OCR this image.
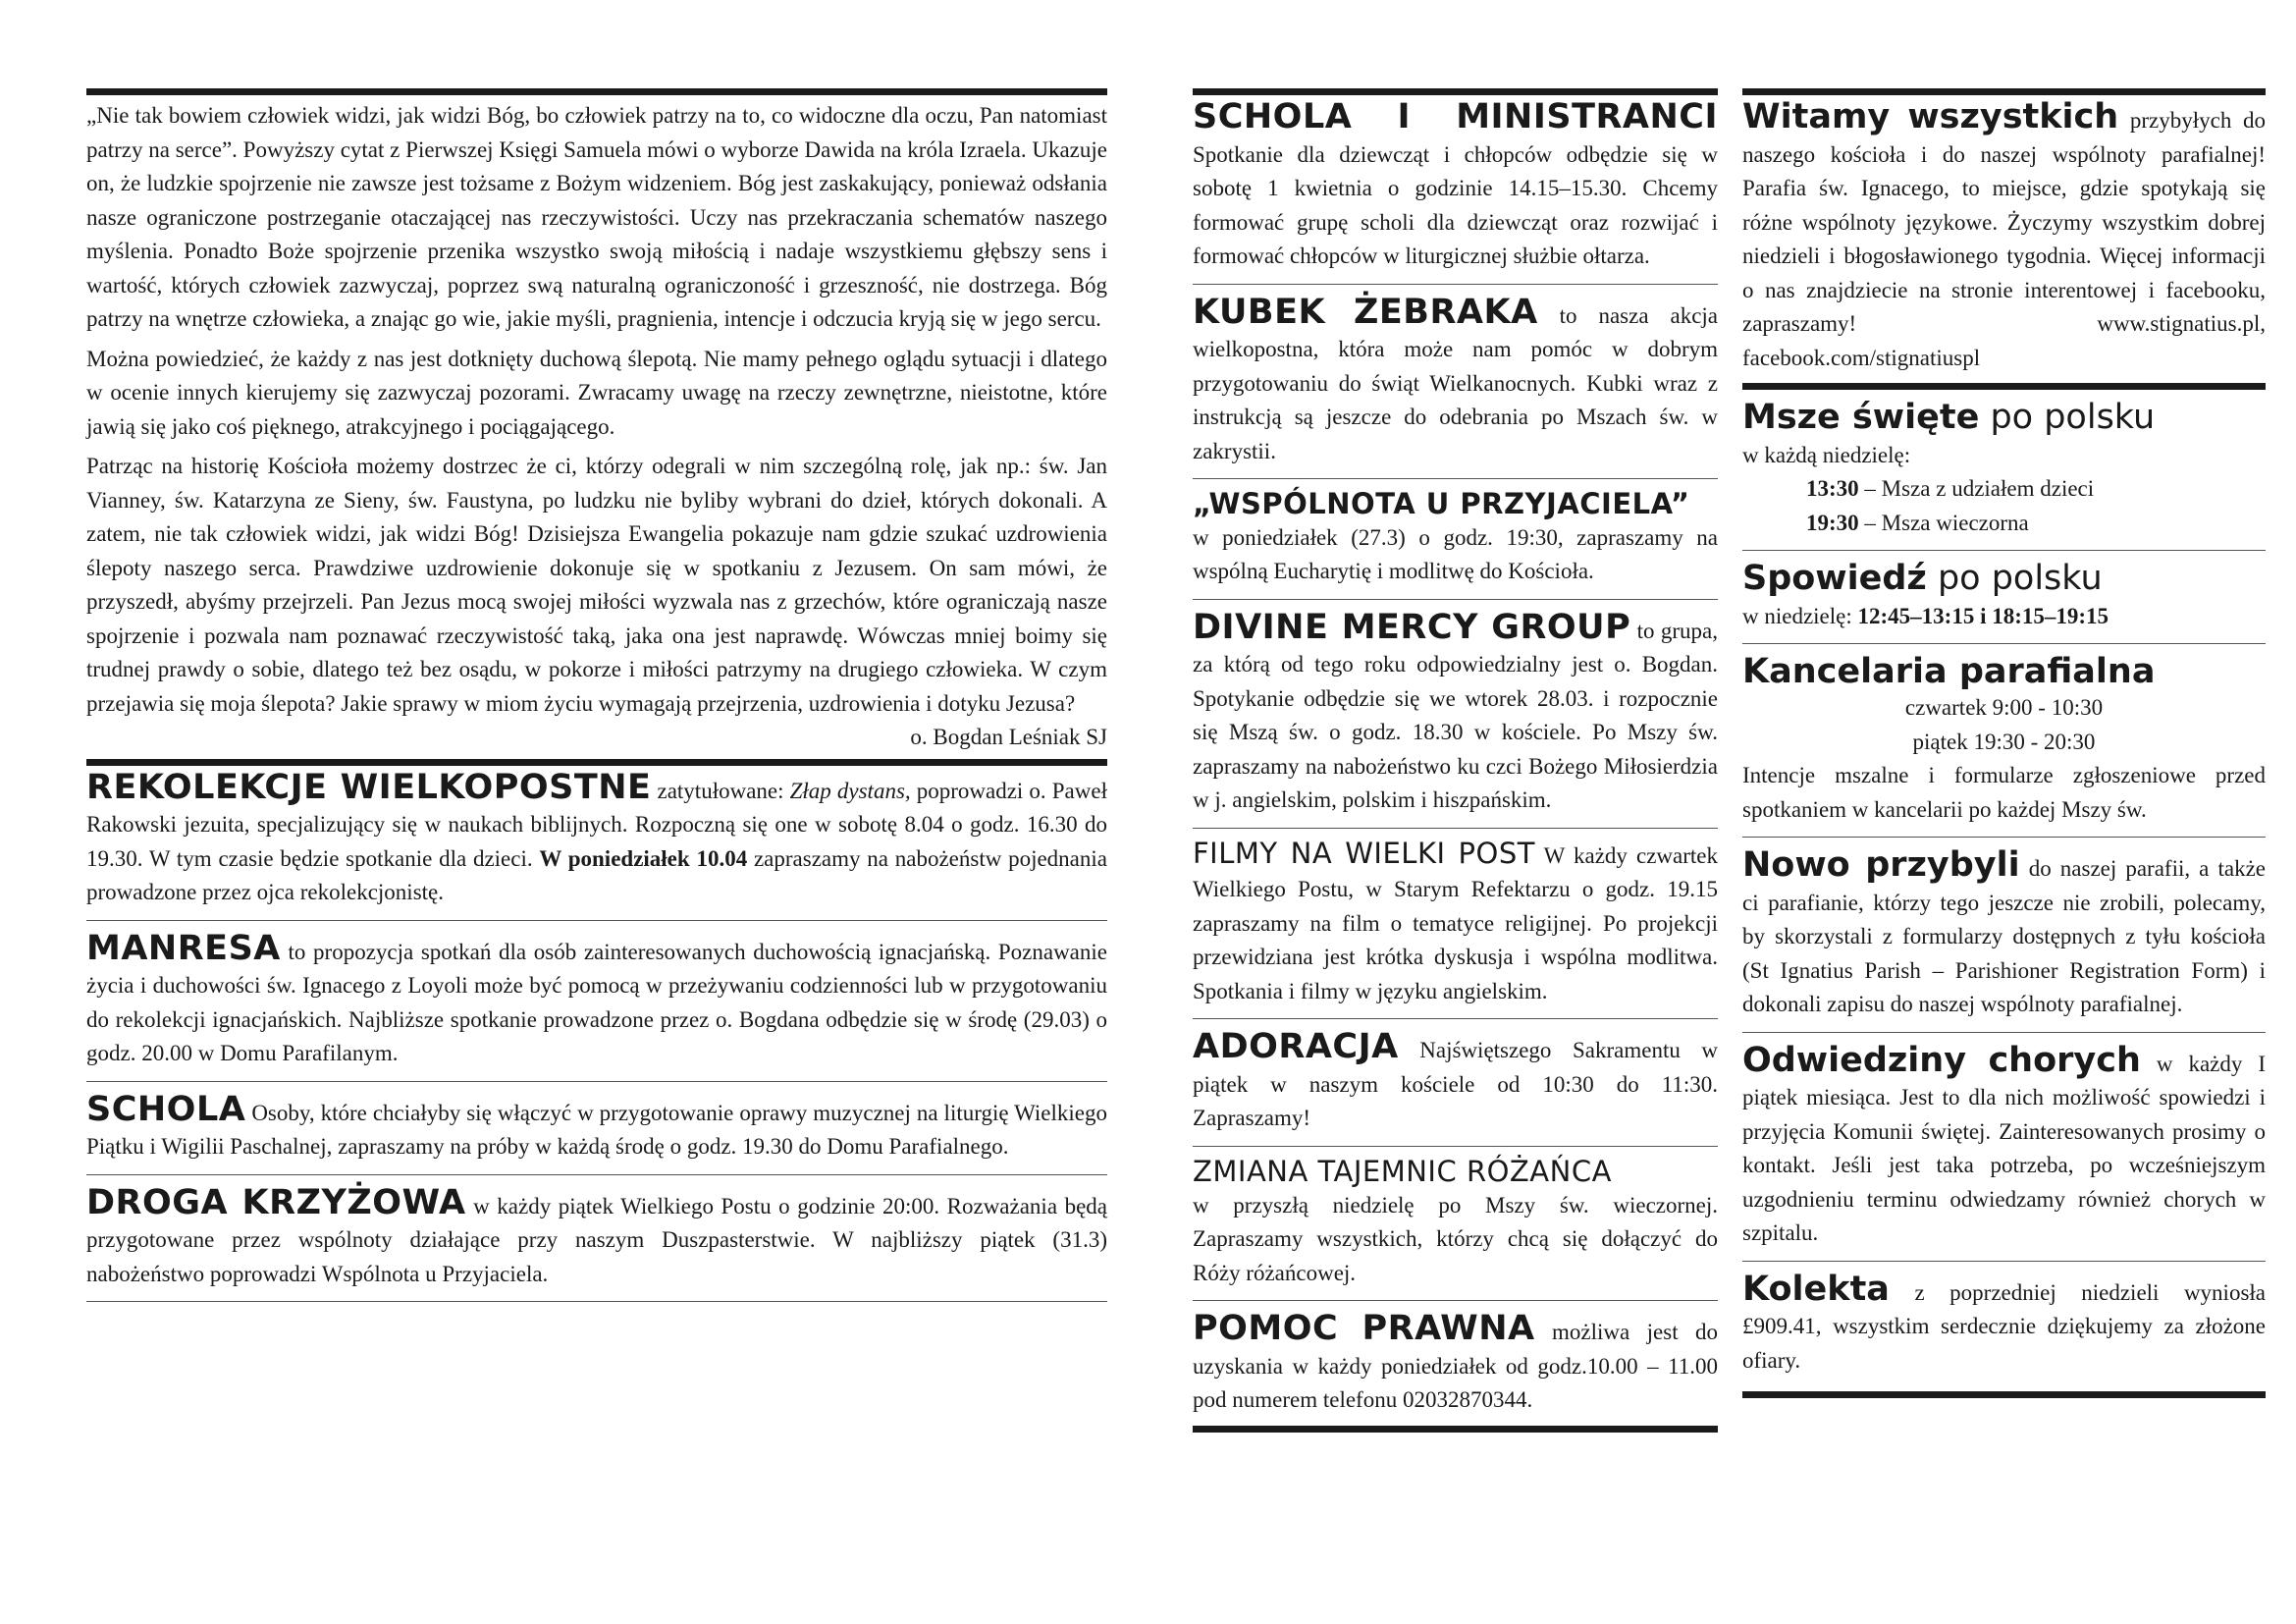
„Nie tak bowiem człowiek widzi, jak widzi Bóg, bo człowiek patrzy na to, co widoczne dla oczu, Pan natomiast patrzy na serce”. Powyższy cytat z Pierwszej Księgi Samuela mówi o wyborze Dawida na króla Izraela. Ukazuje on, że ludzkie spojrzenie nie zawsze jest tożsame z Bożym widzeniem. Bóg jest zaskakujący, ponieważ odsłania nasze ograniczone postrzeganie otaczającej nas rzeczywistości. Uczy nas przekraczania schematów naszego myślenia. Ponadto Boże spojrzenie przenika wszystko swoją miłością i nadaje wszystkiemu głębszy sens i wartość, których człowiek zazwyczaj, poprzez swą naturalną ograniczoność i grzeszność, nie dostrzega. Bóg patrzy na wnętrze człowieka, a znając go wie, jakie myśli, pragnienia, intencje i odczucia kryją się w jego sercu.

Można powiedzieć, że każdy z nas jest dotknięty duchową ślepotą. Nie mamy pełnego oglądu sytuacji i dlatego w ocenie innych kierujemy się zazwyczaj pozorami. Zwracamy uwagę na rzeczy zewnętrzne, nieistotne, które jawią się jako coś pięknego, atrakcyjnego i pociągającego.

Patrząc na historię Kościoła możemy dostrzec że ci, którzy odegrali w nim szczególną rolę, jak np.: św. Jan Vianney, św. Katarzyna ze Sieny, św. Faustyna, po ludzku nie byliby wybrani do dzieł, których dokonali. A zatem, nie tak człowiek widzi, jak widzi Bóg! Dzisiejsza Ewangelia pokazuje nam gdzie szukać uzdrowienia ślepoty naszego serca. Prawdziwe uzdrowienie dokonuje się w spotkaniu z Jezusem. On sam mówi, że przyszedł, abyśmy przejrzeli. Pan Jezus mocą swojej miłości wyzwala nas z grzechów, które ograniczają nasze spojrzenie i pozwala nam poznawać rzeczywistość taką, jaka ona jest naprawdę. Wówczas mniej boimy się trudnej prawdy o sobie, dlatego też bez osądu, w pokorze i miłości patrzymy na drugiego człowieka. W czym przejawia się moja ślepota? Jakie sprawy w miom życiu wymagają przejrzenia, uzdrowienia i dotyku Jezusa?

o. Bogdan Leśniak SJ

REKOLEKCJE WIELKOPOSTNE zatytułowane: Złap dystans, poprowadzi o. Paweł Rakowski jezuita, specjalizujący się w naukach biblijnych. Rozpoczną się one w sobotę 8.04 o godz. 16.30 do 19.30. W tym czasie będzie spotkanie dla dzieci. W poniedziałek 10.04 zapraszamy na nabożeństw pojednania prowadzone przez ojca rekolekcjonistę.

MANRESA to propozycja spotkań dla osób zainteresowanych duchowością ignacjańską. Poznawanie życia i duchowości św. Ignacego z Loyoli może być pomocą w przeżywaniu codzienności lub w przygotowaniu do rekolekcji ignacjańskich. Najbliższe spotkanie prowadzone przez o. Bogdana odbędzie się w środę (29.03) o godz. 20.00 w Domu Parafilanym.

SCHOLA Osoby, które chciałyby się włączyć w przygotowanie oprawy muzycznej na liturgię Wielkiego Piątku i Wigilii Paschalnej, zapraszamy na próby w każdą środę o godz. 19.30 do Domu Parafialnego.

DROGA KRZYŻOWA w każdy piątek Wielkiego Postu o godzinie 20:00. Rozważania będą przygotowane przez wspólnoty działające przy naszym Duszpasterstwie. W najbliższy piątek (31.3) nabożeństwo poprowadzi Wspólnota u Przyjaciela.

SCHOLA I MINISTRANCI Spotkanie dla dziewcząt i chłopców odbędzie się w sobotę 1 kwietnia o godzinie 14.15–15.30. Chcemy formować grupę scholi dla dziewcząt oraz rozwijać i formować chłopców w liturgicznej służbie ołtarza.

KUBEK ŻEBRAKA to nasza akcja wielkopostna, która może nam pomóc w dobrym przygotowaniu do świąt Wielkanocnych. Kubki wraz z instrukcją są jeszcze do odebrania po Mszach św. w zakrystii.

„WSPÓLNOTA U PRZYJACIELA”

w poniedziałek (27.3) o godz. 19:30, zapraszamy na wspólną Eucharytię i modlitwę do Kościoła.

DIVINE MERCY GROUP to grupa, za którą od tego roku odpowiedzialny jest o. Bogdan. Spotykanie odbędzie się we wtorek 28.03. i rozpocznie się Mszą św. o godz. 18.30 w kościele. Po Mszy św. zapraszamy na nabożeństwo ku czci Bożego Miłosierdzia w j. angielskim, polskim i hiszpańskim.

FILMY NA WIELKI POST W każdy czwartek Wielkiego Postu, w Starym Refektarzu o godz. 19.15 zapraszamy na film o tematyce religijnej. Po projekcji przewidziana jest krótka dyskusja i wspólna modlitwa. Spotkania i filmy w języku angielskim.

ADORACJA Najświętszego Sakramentu w piątek w naszym kościele od 10:30 do 11:30. Zapraszamy!

ZMIANA TAJEMNIC RÓŻAŃCA

w przyszłą niedzielę po Mszy św. wieczornej. Zapraszamy wszystkich, którzy chcą się dołączyć do Róży różańcowej.

POMOC PRAWNA możliwa jest do uzyskania w każdy poniedziałek od godz.10.00 – 11.00 pod numerem telefonu 02032870344.

Witamy wszystkich przybyłych do naszego kościoła i do naszej wspólnoty parafialnej! Parafia św. Ignacego, to miejsce, gdzie spotykają się różne wspólnoty językowe. Życzymy wszystkim dobrej niedzieli i błogosławionego tygodnia. Więcej informacji o nas znajdziecie na stronie interentowej i facebooku, zapraszamy! www.stignatius.pl, facebook.com/stignatiuspl

Msze święte po polsku

w każdą niedzielę:

13:30 – Msza z udziałem dzieci
19:30 – Msza wieczorna
Spowiedź po polsku

w niedzielę: 12:45–13:15 i 18:15–19:15

Kancelaria parafialna
czwartek 9:00 - 10:30
piątek 19:30 - 20:30

Intencje mszalne i formularze zgłoszeniowe przed spotkaniem w kancelarii po każdej Mszy św.

Nowo przybyli do naszej parafii, a także ci parafianie, którzy tego jeszcze nie zrobili, polecamy, by skorzystali z formularzy dostępnych z tyłu kościoła (St Ignatius Parish – Parishioner Registration Form) i dokonali zapisu do naszej wspólnoty parafialnej.

Odwiedziny chorych w każdy I piątek miesiąca. Jest to dla nich możliwość spowiedzi i przyjęcia Komunii świętej. Zainteresowanych prosimy o kontakt. Jeśli jest taka potrzeba, po wcześniejszym uzgodnieniu terminu odwiedzamy również chorych w szpitalu.

Kolekta z poprzedniej niedzieli wyniosła £909.41, wszystkim serdecznie dziękujemy za złożone ofiary.
